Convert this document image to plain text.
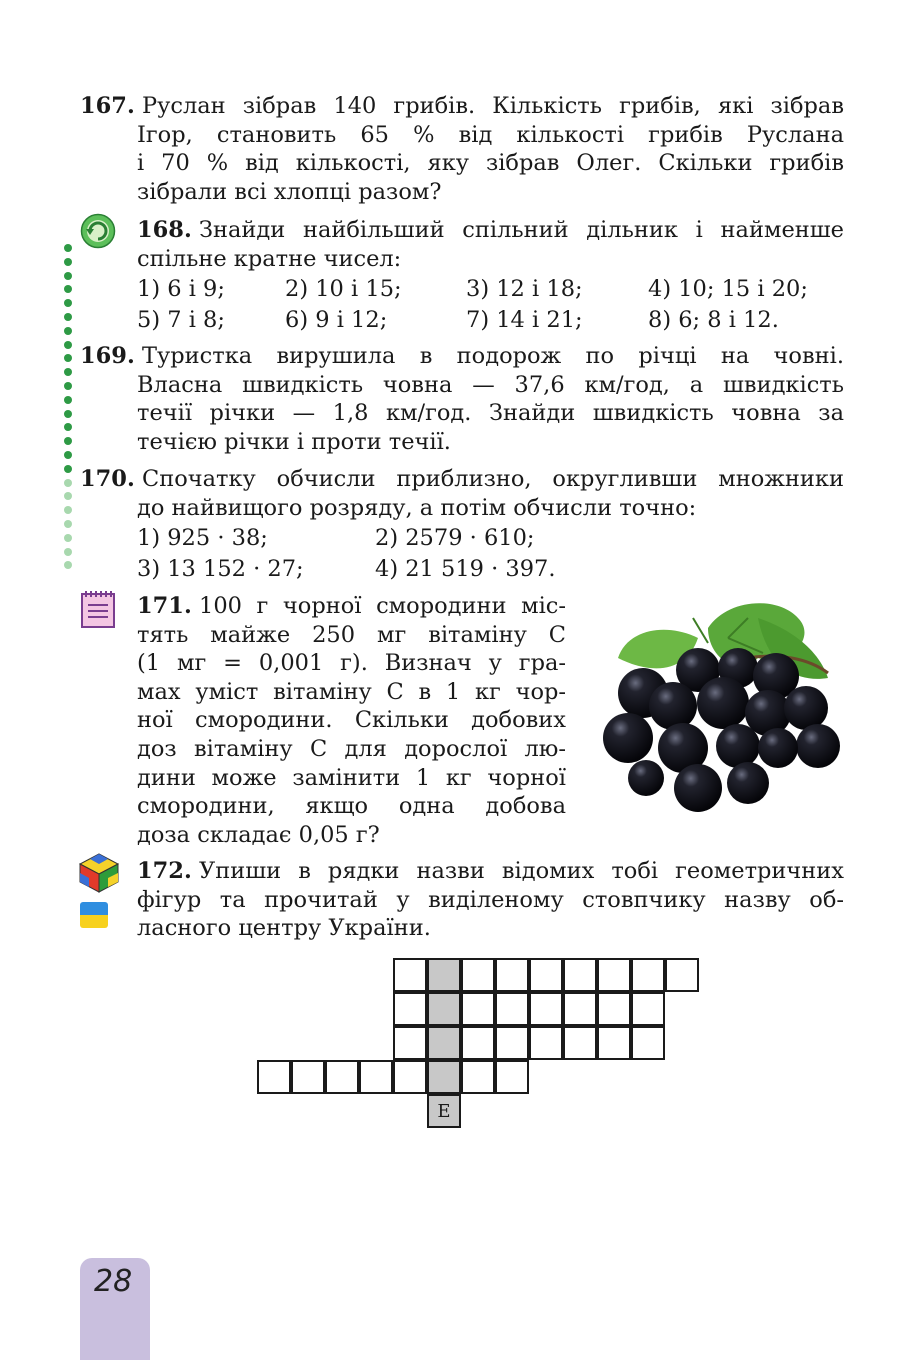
167. Руслан зібрав 140 грибів. Кількість грибів, які зібрав
Ігор, становить 65 % від кількості грибів Руслана
і 70 % від кількості, яку зібрав Олег. Скільки грибів
зібрали всі хлопці разом?
168. Знайди найбільший спільний дільник і найменше
спільне кратне чисел:
1) 6 і 9;	2) 10 і 15;	3) 12 і 18;	4) 10; 15 і 20;
5) 7 і 8;	6) 9 і 12;	7) 14 і 21;	8) 6; 8 і 12.
169. Туристка вирушила в подорож по річці на човні.
Власна швидкість човна — 37,6 км/год, а швидкість
течії річки — 1,8 км/год. Знайди швидкість човна за
течією річки і проти течії.
170. Спочатку обчисли приблизно, округливши множники
до найвищого розряду, а потім обчисли точно:
1) 925 · 38;	2) 2579 · 610;
3) 13 152 · 27;	4) 21 519 · 397.
171. 100 г чорної смородини міс-
тять майже 250 мг вітаміну С
(1 мг = 0,001 г). Визнач у гра-
мах уміст вітаміну С в 1 кг чор-
ної смородини. Скільки добових
доз вітаміну С для дорослої лю-
дини може замінити 1 кг чорної
смородини, якщо одна добова
доза складає 0,05 г?
172. Упиши в рядки назви відомих тобі геометричних
фігур та прочитай у виділеному стовпчику назву об-
ласного центру України.
Е
28
